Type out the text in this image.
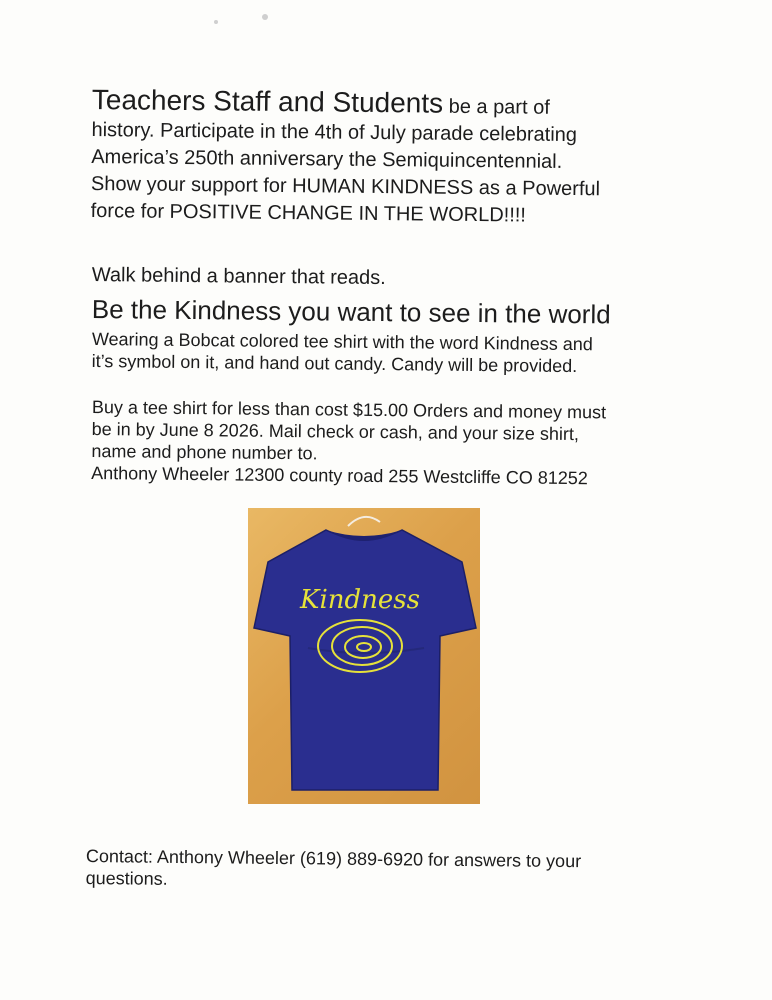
Teachers Staff and Students be a part of
history. Participate in the 4th of July parade celebrating
America’s 250th anniversary the Semiquincentennial.
Show your support for HUMAN KINDNESS as a Powerful
force for POSITIVE CHANGE IN THE WORLD!!!!
Walk behind a banner that reads.
Be the Kindness you want to see in the world
Wearing a Bobcat colored tee shirt with the word Kindness and
it’s symbol on it, and hand out candy. Candy will be provided.
Buy a tee shirt for less than cost $15.00 Orders and money must
be in by June 8 2026. Mail check or cash, and your size shirt,
name and phone number to.
Anthony Wheeler 12300 county road 255 Westcliffe CO 81252
Kindness
Contact: Anthony Wheeler (619) 889-6920 for answers to your
questions.
